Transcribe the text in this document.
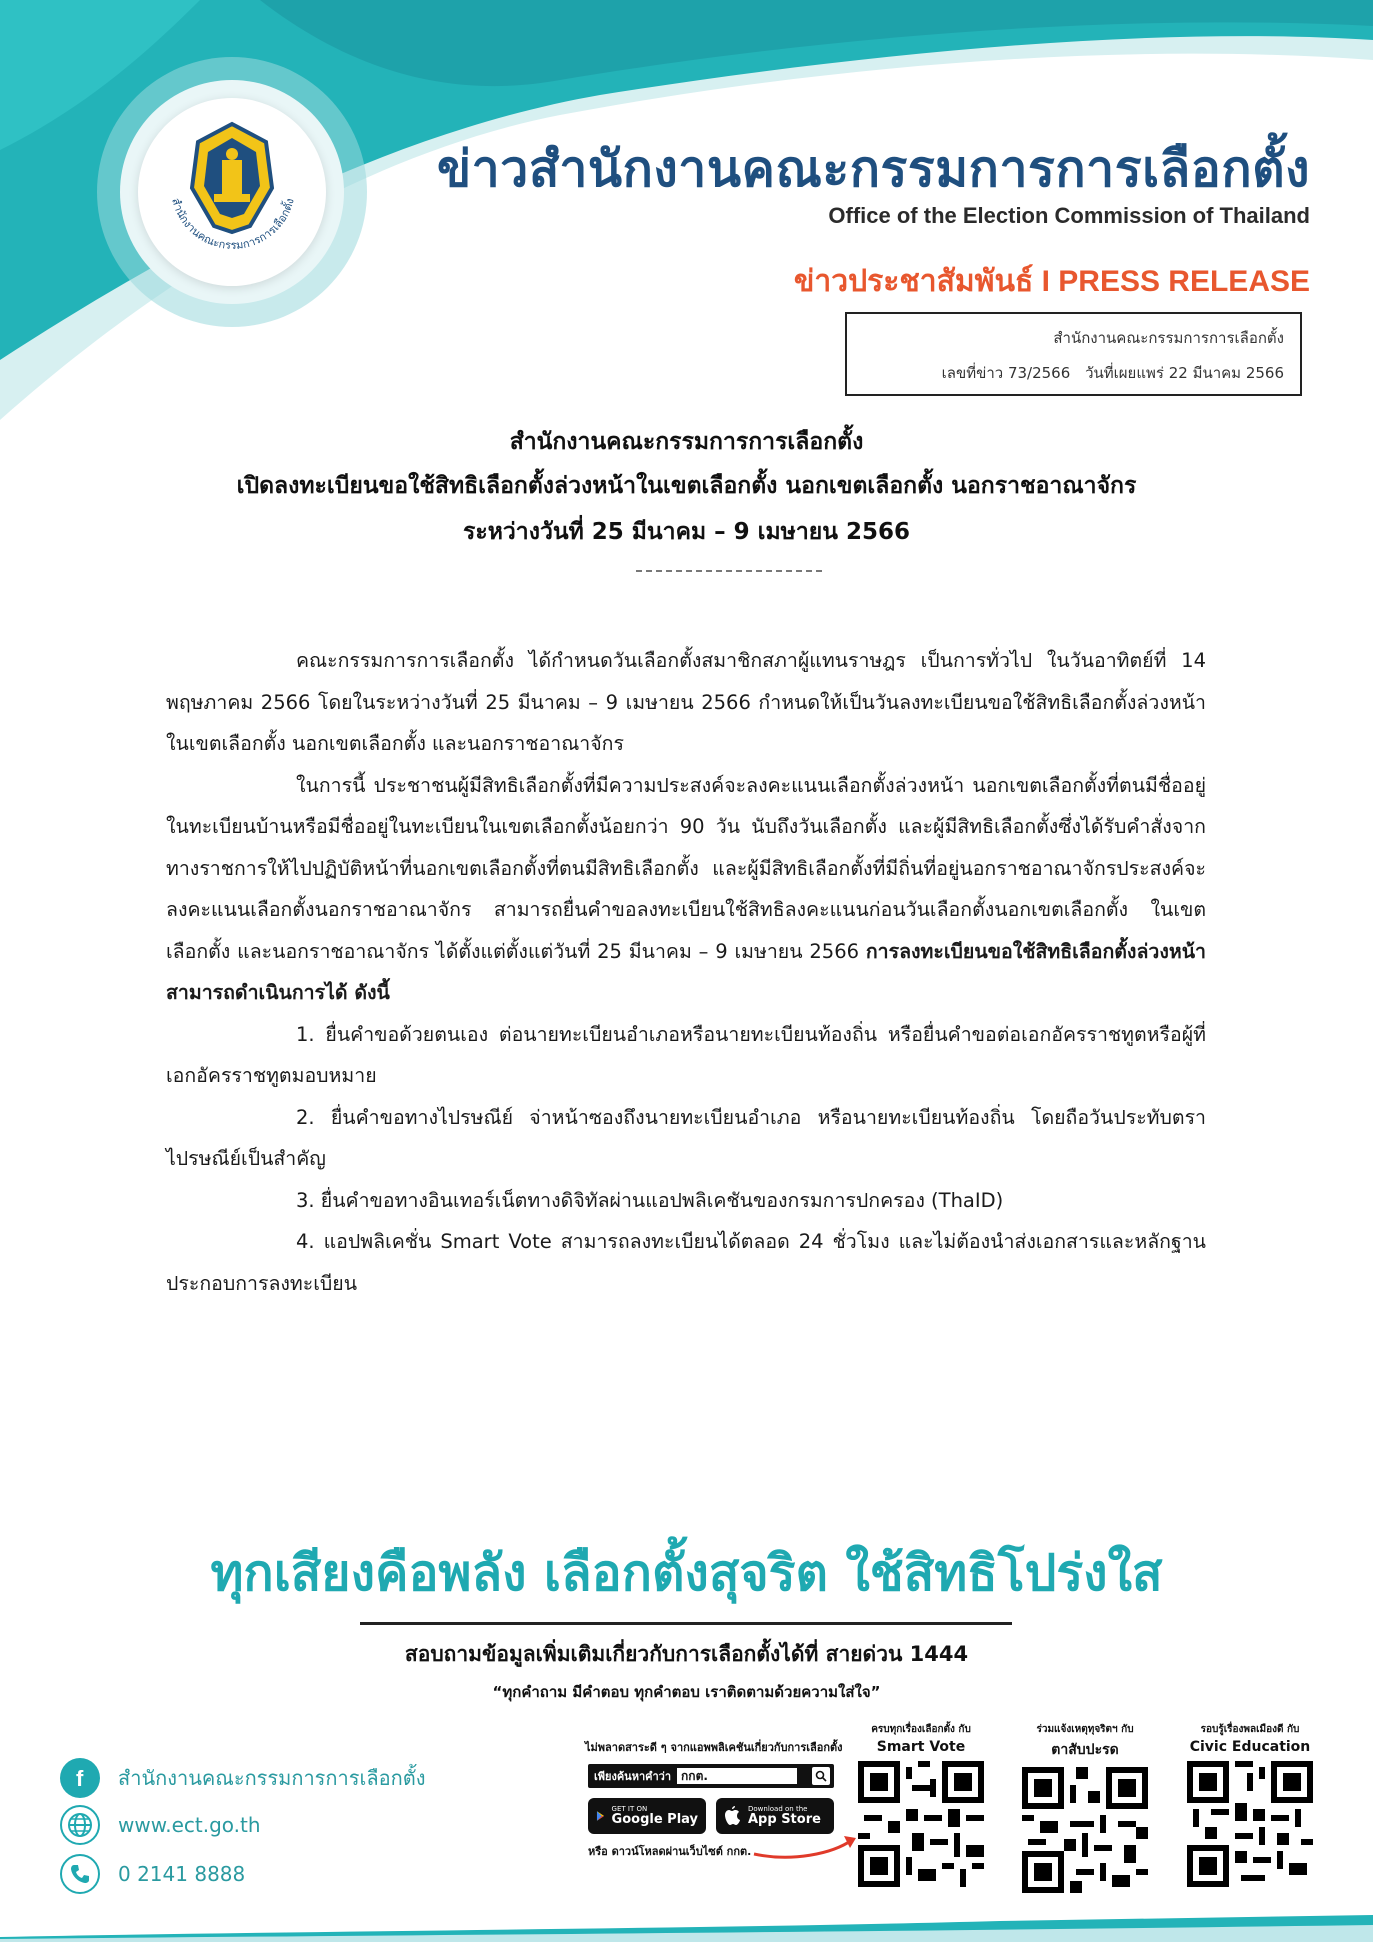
สำนักงานคณะกรรมการการเลือกตั้ง
ข่าวสำนักงานคณะกรรมการการเลือกตั้ง
Office of the Election Commission of Thailand
ข่าวประชาสัมพันธ์ I PRESS RELEASE
สำนักงานคณะกรรมการการเลือกตั้ง
เลขที่ข่าว 73/2566 วันที่เผยแพร่ 22 มีนาคม 2566
สำนักงานคณะกรรมการการเลือกตั้ง
เปิดลงทะเบียนขอใช้สิทธิเลือกตั้งล่วงหน้าในเขตเลือกตั้ง นอกเขตเลือกตั้ง นอกราชอาณาจักร
ระหว่างวันที่ 25 มีนาคม – 9 เมษายน 2566

คณะกรรมการการเลือกตั้ง ได้กำหนดวันเลือกตั้งสมาชิกสภาผู้แทนราษฎร เป็นการทั่วไป ในวันอาทิตย์ที่ 14 พฤษภาคม 2566 โดยในระหว่างวันที่ 25 มีนาคม – 9 เมษายน 2566 กำหนดให้เป็นวันลงทะเบียนขอใช้สิทธิเลือกตั้งล่วงหน้าในเขตเลือกตั้ง นอกเขตเลือกตั้ง และนอกราชอาณาจักร

ในการนี้ ประชาชนผู้มีสิทธิเลือกตั้งที่มีความประสงค์จะลงคะแนนเลือกตั้งล่วงหน้า นอกเขตเลือกตั้งที่ตนมีชื่ออยู่ในทะเบียนบ้านหรือมีชื่ออยู่ในทะเบียนในเขตเลือกตั้งน้อยกว่า 90 วัน นับถึงวันเลือกตั้ง และผู้มีสิทธิเลือกตั้งซึ่งได้รับคำสั่งจากทางราชการให้ไปปฏิบัติหน้าที่นอกเขตเลือกตั้งที่ตนมีสิทธิเลือกตั้ง และผู้มีสิทธิเลือกตั้งที่มีถิ่นที่อยู่นอกราชอาณาจักรประสงค์จะลงคะแนนเลือกตั้งนอกราชอาณาจักร สามารถยื่นคำขอลงทะเบียนใช้สิทธิลงคะแนนก่อนวันเลือกตั้งนอกเขตเลือกตั้ง ในเขตเลือกตั้ง และนอกราชอาณาจักร ได้ตั้งแต่ตั้งแต่วันที่ 25 มีนาคม – 9 เมษายน 2566 การลงทะเบียนขอใช้สิทธิเลือกตั้งล่วงหน้าสามารถดำเนินการได้ ดังนี้

1. ยื่นคำขอด้วยตนเอง ต่อนายทะเบียนอำเภอหรือนายทะเบียนท้องถิ่น หรือยื่นคำขอต่อเอกอัครราชทูตหรือผู้ที่เอกอัครราชทูตมอบหมาย

2. ยื่นคำขอทางไปรษณีย์ จ่าหน้าซองถึงนายทะเบียนอำเภอ หรือนายทะเบียนท้องถิ่น โดยถือวันประทับตราไปรษณีย์เป็นสำคัญ

3. ยื่นคำขอทางอินเทอร์เน็ตทางดิจิทัลผ่านแอปพลิเคชันของกรมการปกครอง (ThaID)

4. แอปพลิเคชั่น Smart Vote สามารถลงทะเบียนได้ตลอด 24 ชั่วโมง และไม่ต้องนำส่งเอกสารและหลักฐานประกอบการลงทะเบียน

ทุกเสียงคือพลัง เลือกตั้งสุจริต ใช้สิทธิโปร่งใส
สอบถามข้อมูลเพิ่มเติมเกี่ยวกับการเลือกตั้งได้ที่ สายด่วน 1444
“ทุกคำถาม มีคำตอบ ทุกคำตอบ เราติดตามด้วยความใส่ใจ”
f สำนักงานคณะกรรมการการเลือกตั้ง
www.ect.go.th
0 2141 8888
ไม่พลาดสาระดี ๆ จากแอพพลิเคชันเกี่ยวกับการเลือกตั้ง
เพียงค้นหาคำว่า กกต.
GET IT ON
Google Play
Download on the
App Store
หรือ ดาวน์โหลดผ่านเว็บไซต์ กกต.
ครบทุกเรื่องเลือกตั้ง กับ
Smart Vote
ร่วมแจ้งเหตุทุจริตฯ กับ
ตาสับปะรด
รอบรู้เรื่องพลเมืองดี กับ
Civic Education
